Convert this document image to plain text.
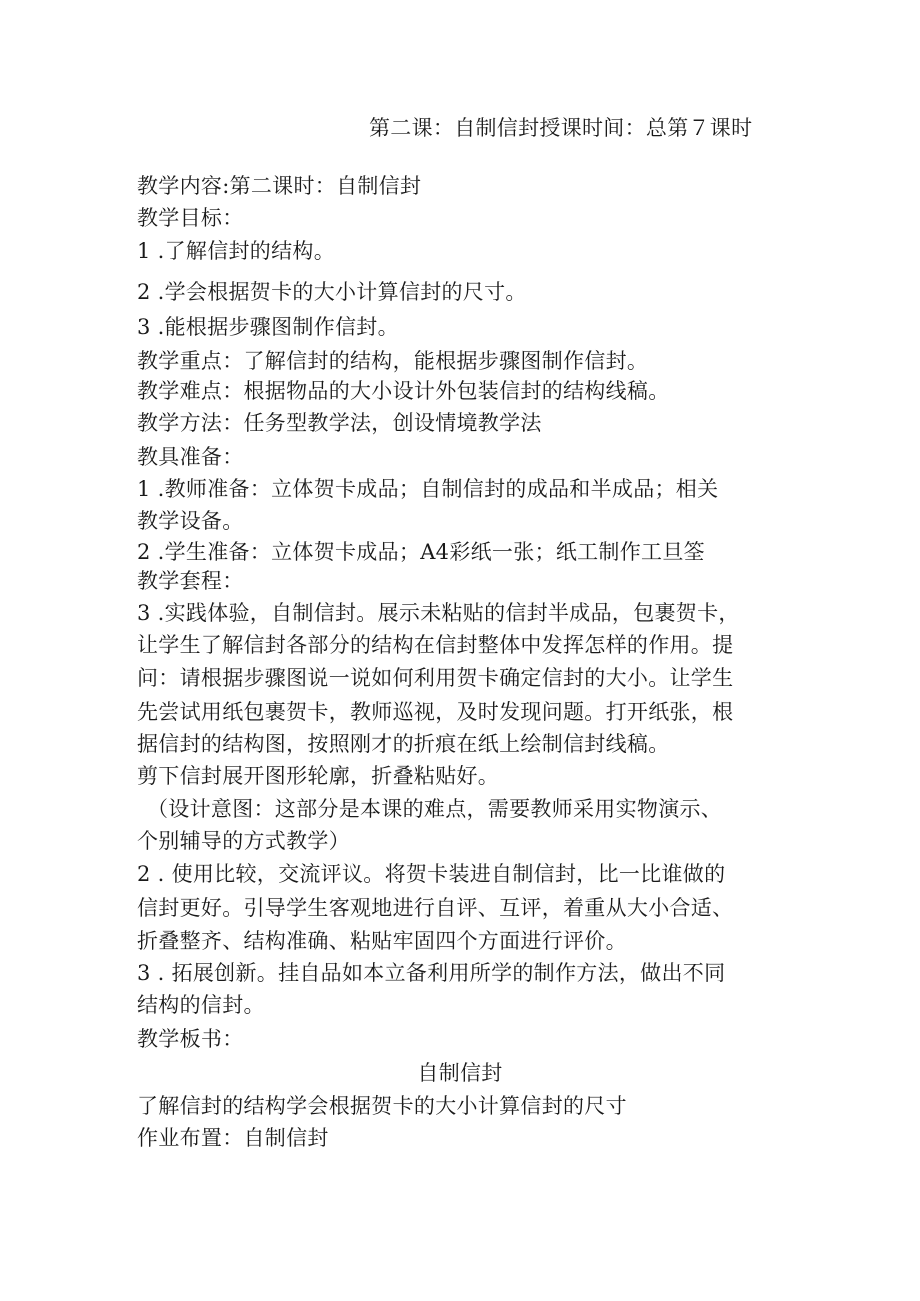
第二课：自制信封授课时间：总第７课时
教学内容:第二课时：自制信封
教学目标：
1 .了解信封的结构。
2 .学会根据贺卡的大小计算信封的尺寸。
3 .能根据步骤图制作信封。
教学重点：了解信封的结构，能根据步骤图制作信封。
教学难点：根据物品的大小设计外包装信封的结构线稿。
教学方法：任务型教学法，创设情境教学法
教具准备：
1 .教师准备：立体贺卡成品；自制信封的成品和半成品；相关
教学设备。
2 .学生准备：立体贺卡成品；A4彩纸一张；纸工制作工旦筌
教学套程：
3 .实践体验，自制信封。展示未粘贴的信封半成品，包裹贺卡，
让学生了解信封各部分的结构在信封整体中发挥怎样的作用。提
问：请根据步骤图说一说如何利用贺卡确定信封的大小。让学生
先尝试用纸包裹贺卡，教师巡视，及时发现问题。打开纸张，根
据信封的结构图，按照刚才的折痕在纸上绘制信封线稿。
剪下信封展开图形轮廓，折叠粘贴好。
（设计意图：这部分是本课的难点，需要教师采用实物演示、
个别辅导的方式教学）
2 . 使用比较，交流评议。将贺卡装进自制信封，比一比谁做的
信封更好。引导学生客观地进行自评、互评，着重从大小合适、
折叠整齐、结构准确、粘贴牢固四个方面进行评价。
3 . 拓展创新。挂自品如本立备利用所学的制作方法，做出不同
结构的信封。
教学板书：
自制信封
了解信封的结构学会根据贺卡的大小计算信封的尺寸
作业布置：自制信封
